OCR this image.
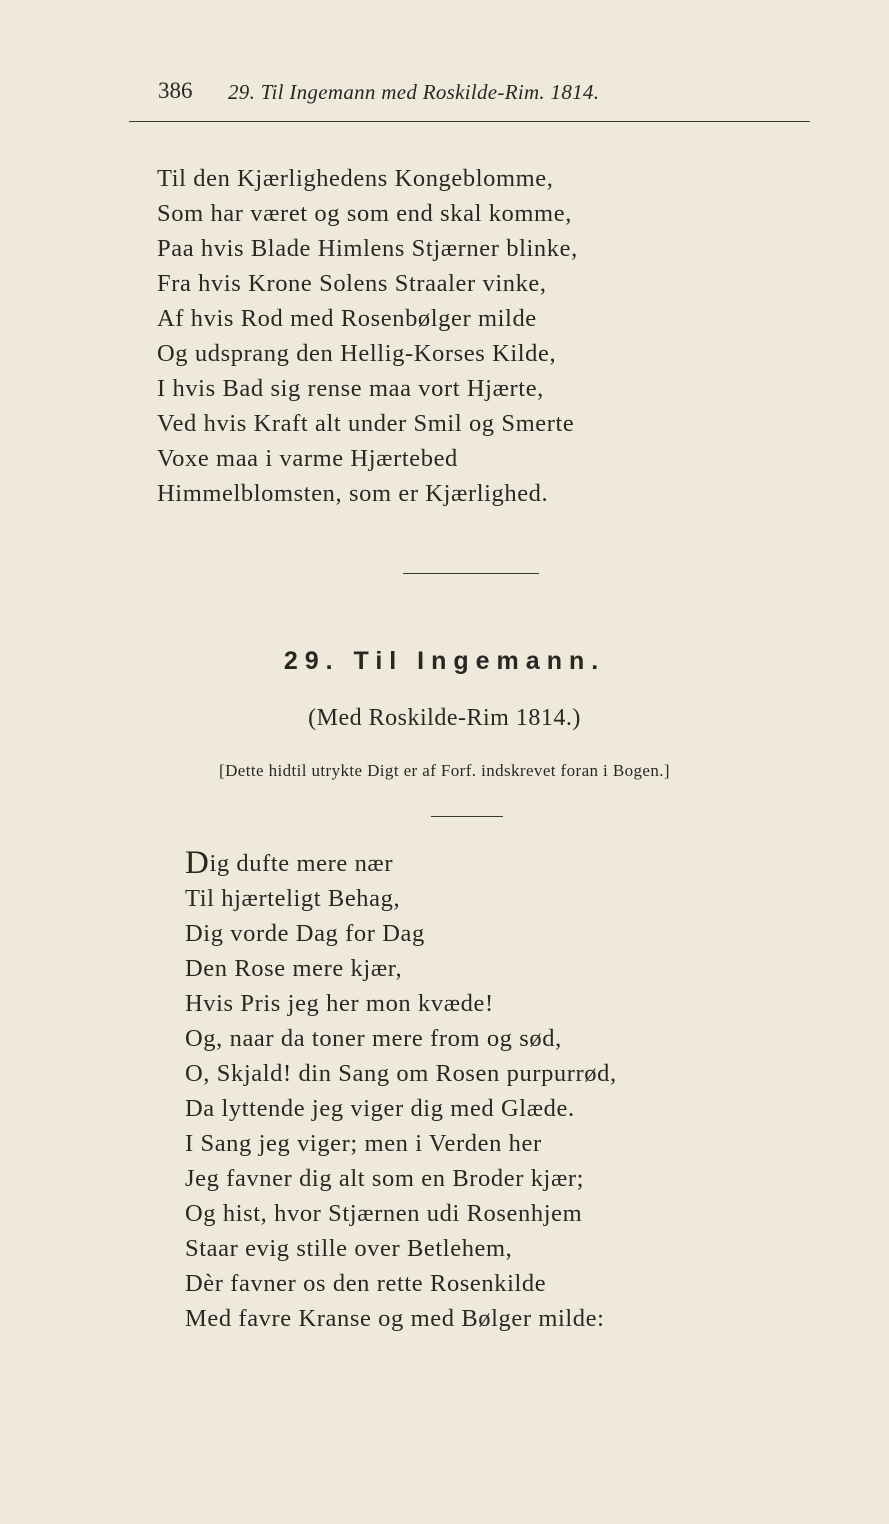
386 29. Til Ingemann med Roskilde-Rim. 1814.
Til den Kjærlighedens Kongeblomme,
Som har været og som end skal komme,
Paa hvis Blade Himlens Stjærner blinke,
Fra hvis Krone Solens Straaler vinke,
Af hvis Rod med Rosenbølger milde
Og udsprang den Hellig-Korses Kilde,
I hvis Bad sig rense maa vort Hjærte,
Ved hvis Kraft alt under Smil og Smerte
Voxe maa i varme Hjærtebed
Himmelblomsten, som er Kjærlighed.
29. Til Ingemann.
(Med Roskilde-Rim 1814.)
[Dette hidtil utrykte Digt er af Forf. indskrevet foran i Bogen.]
Dig dufte mere nær
Til hjærteligt Behag,
Dig vorde Dag for Dag
Den Rose mere kjær,
Hvis Pris jeg her mon kvæde!
Og, naar da toner mere from og sød,
O, Skjald! din Sang om Rosen purpurrød,
Da lyttende jeg viger dig med Glæde.
I Sang jeg viger; men i Verden her
Jeg favner dig alt som en Broder kjær;
Og hist, hvor Stjærnen udi Rosenhjem
Staar evig stille over Betlehem,
Dèr favner os den rette Rosenkilde
Med favre Kranse og med Bølger milde:
